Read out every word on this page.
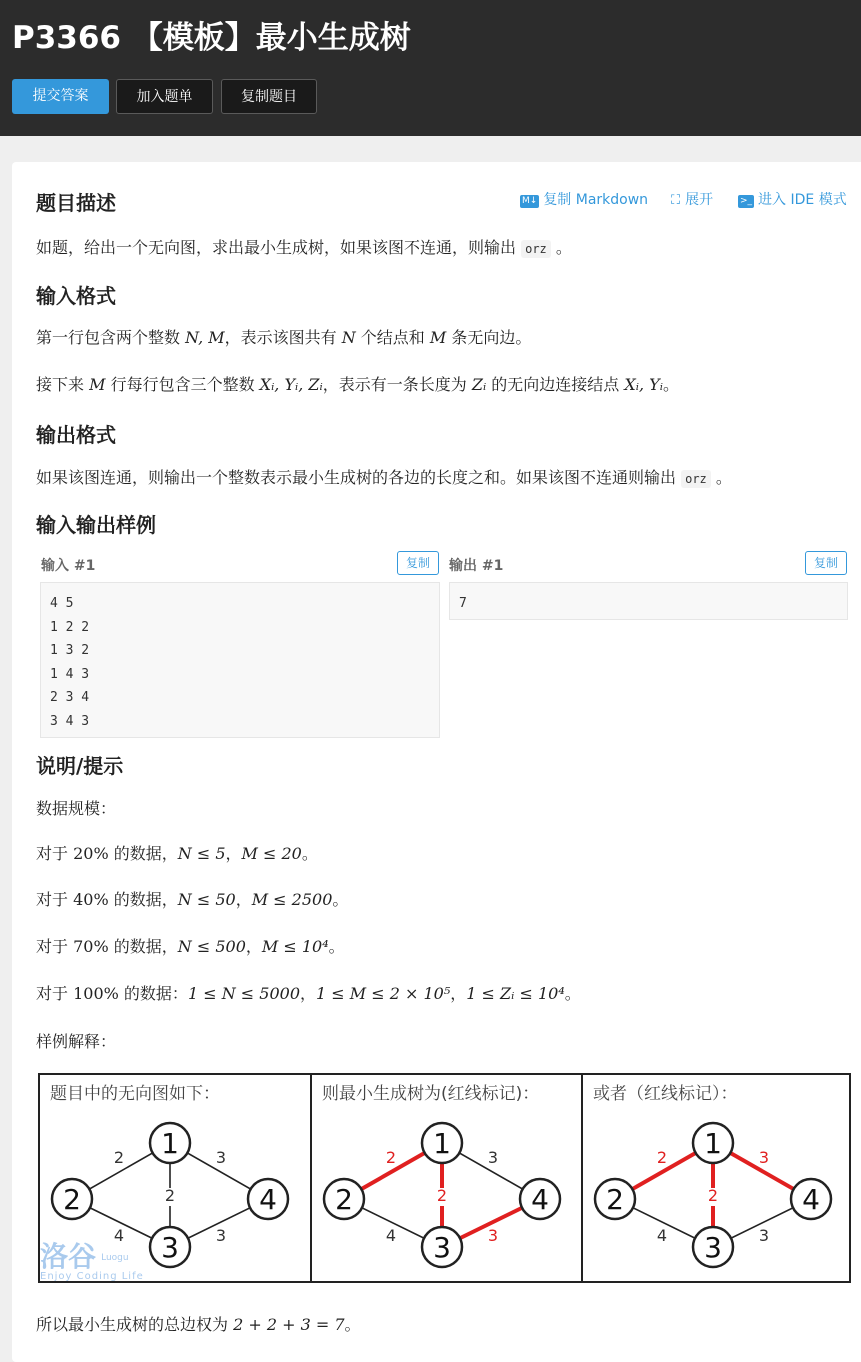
P3366 【模板】最小生成树
提交答案	加入题单	复制题目
题目描述	M↓ 复制 Markdown ⛶ 展开	>_ 进入 IDE 模式
如题，给出一个无向图，求出最小生成树，如果该图不连通，则输出 orz 。
输入格式
第一行包含两个整数 N, M，表示该图共有 N 个结点和 M 条无向边。
接下来 M 行每行包含三个整数 Xᵢ, Yᵢ, Zᵢ，表示有一条长度为 Zᵢ 的无向边连接结点 Xᵢ, Yᵢ。
输出格式
如果该图连通，则输出一个整数表示最小生成树的各边的长度之和。如果该图不连通则输出 orz 。
输入输出样例
输入 #1	复制	输出 #1	复制
4 5
1 2 2
1 3 2
1 4 3
2 3 4
3 4 3
7
说明/提示
数据规模：
对于 20% 的数据，N ≤ 5，M ≤ 20。
对于 40% 的数据，N ≤ 50，M ≤ 2500。
对于 70% 的数据，N ≤ 500，M ≤ 10⁴。
对于 100% 的数据：1 ≤ N ≤ 5000，1 ≤ M ≤ 2 × 10⁵，1 ≤ Zᵢ ≤ 10⁴。
样例解释：
题目中的无向图如下：
2
2
3
4	3
1
2
3
4
洛谷 $^{Luogu}$
Enjoy Coding Life
则最小生成树为(红线标记)：
2
2
3
4	3
1
2
3
4
或者（红线标记）：
2
2
3
4	3
1
2
3
4
所以最小生成树的总边权为 2 + 2 + 3 = 7。
